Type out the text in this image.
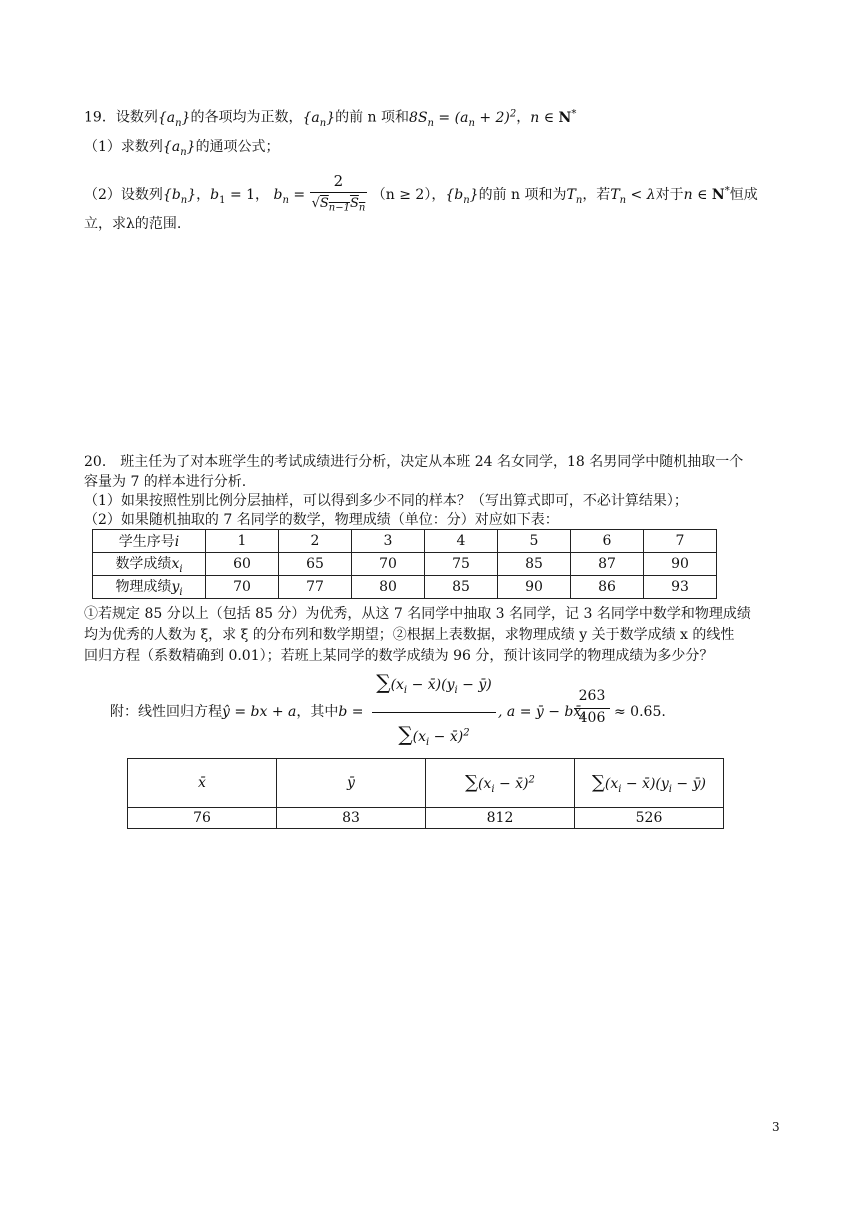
19．设数列$\{a_n\}$的各项均为正数，$\{a_n\}$的前 n 项和$8S_n = (a_n + 2)^2$，n ∈ N*
（1）求数列$\{a_n\}$的通项公式；
（2）设数列$\{b_n\}$，$b_1 = 1$， $b_n = \frac{2}{√S_{n-1}S_n} (n \ge 2)$，$\{b_n\}$的前 n 项和为$T_n$，若$T_n < \lambda$对于n ∈ N*恒成
立，求λ的范围.
20． 班主任为了对本班学生的考试成绩进行分析，决定从本班 24 名女同学，18 名男同学中随机抽取一个
容量为 7 的样本进行分析.
（1）如果按照性别比例分层抽样，可以得到多少不同的样本？（写出算式即可，不必计算结果）；
（2）如果随机抽取的 7 名同学的数学，物理成绩（单位：分）对应如下表：
学生序号i	1	2	3	4	5	6	7
数学成绩$x_i$	60	65	70	75	85	87	90
物理成绩$y_i$	70	77	80	85	90	86	93
①若规定 85 分以上（包括 85 分）为优秀，从这 7 名同学中抽取 3 名同学，记 3 名同学中数学和物理成绩
均为优秀的人数为 ξ，求 ξ 的分布列和数学期望；②根据上表数据，求物理成绩 y 关于数学成绩 x 的线性
回归方程（系数精确到 0.01）；若班上某同学的数学成绩为 96 分，预计该同学的物理成绩为多少分？
附：线性回归方程ŷ = bx + a，其中b =
$\sum(x_i$ − $x̄)(y_i$ − ȳ)
$\sum(x_i$ − x̄)$^2$
, a = ȳ − bx̄,
263
406 ≈ 0.65.
x̄	ȳ	$\sum(x_i$ − x̄)$^2$	$\sum(x_i$ − $x̄)(y_i$ − ȳ)
76	83	812	526
3
